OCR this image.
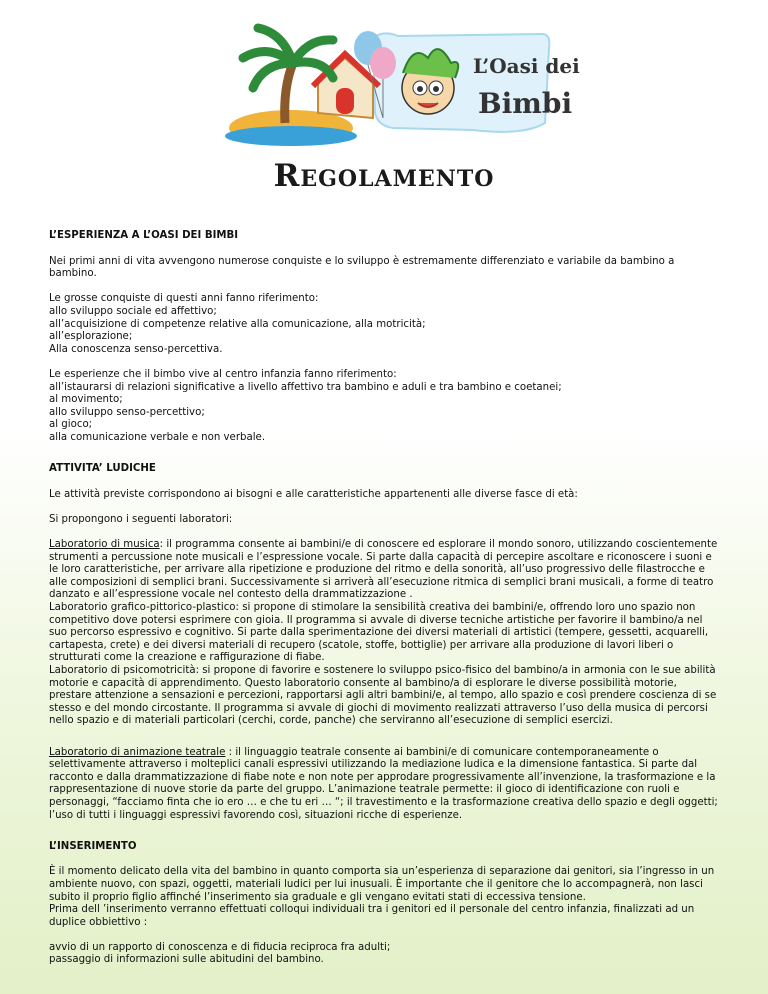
L’Oasi dei
Bimbi
Regolamento
L’ESPERIENZA A L’OASI DEI BIMBI

Nei primi anni di vita avvengono numerose conquiste e lo sviluppo è estremamente differenziato e variabile da bambino a bambino.

Le grosse conquiste di questi anni fanno riferimento:
allo sviluppo sociale ed affettivo;
all’acquisizione di competenze relative alla comunicazione, alla motricità;
all’esplorazione;
Alla conoscenza senso-percettiva.

Le esperienze che il bimbo vive al centro infanzia fanno riferimento:
all’istaurarsi di relazioni significative a livello affettivo tra bambino e aduli e tra bambino e coetanei;
al movimento;
allo sviluppo senso-percettivo;
al gioco;
alla comunicazione verbale e non verbale.

ATTIVITA’ LUDICHE

Le attività previste corrispondono ai bisogni e alle caratteristiche appartenenti alle diverse fasce di età:

Si propongono i seguenti laboratori:

Laboratorio di musica: il programma consente ai bambini/e di conoscere ed esplorare il mondo sonoro, utilizzando coscientemente strumenti a percussione note musicali e l’espressione vocale. Si parte dalla capacità di percepire ascoltare e riconoscere i suoni e le loro caratteristiche, per arrivare alla ripetizione e produzione del ritmo e della sonorità, all’uso progressivo delle filastrocche e alle composizioni di semplici brani. Successivamente si arriverà all’esecuzione ritmica di semplici brani musicali, a forme di teatro danzato e all’espressione vocale nel contesto della drammatizzazione .
Laboratorio grafico-pittorico-plastico: si propone di stimolare la sensibilità creativa dei bambini/e, offrendo loro uno spazio non competitivo dove potersi esprimere con gioia. Il programma si avvale di diverse tecniche artistiche per favorire il bambino/a nel suo percorso espressivo e cognitivo. Si parte dalla sperimentazione dei diversi materiali di artistici (tempere, gessetti, acquarelli, cartapesta, crete) e dei diversi materiali di recupero (scatole, stoffe, bottiglie) per arrivare alla produzione di lavori liberi o strutturati come la creazione e raffigurazione di fiabe.
Laboratorio di psicomotricità: si propone di favorire e sostenere lo sviluppo psico-fisico del bambino/a in armonia con le sue abilità motorie e capacità di apprendimento. Questo laboratorio consente al bambino/a di esplorare le diverse possibilità motorie, prestare attenzione a sensazioni e percezioni, rapportarsi agli altri bambini/e, al tempo, allo spazio e così prendere coscienza di se stesso e del mondo circostante. Il programma si avvale di giochi di movimento realizzati attraverso l’uso della musica di percorsi nello spazio e di materiali particolari (cerchi, corde, panche) che serviranno all’esecuzione di semplici esercizi.

Laboratorio di animazione teatrale : il linguaggio teatrale consente ai bambini/e di comunicare contemporaneamente o selettivamente attraverso i molteplici canali espressivi utilizzando la mediazione ludica e la dimensione fantastica. Si parte dal racconto e dalla drammatizzazione di fiabe note e non note per approdare progressivamente all’invenzione, la trasformazione e la rappresentazione di nuove storie da parte del gruppo. L’animazione teatrale permette: il gioco di identificazione con ruoli e personaggi, “facciamo finta che io ero … e che tu eri … “; il travestimento e la trasformazione creativa dello spazio e degli oggetti; l’uso di tutti i linguaggi espressivi favorendo così, situazioni ricche di esperienze.

L’INSERIMENTO

È il momento delicato della vita del bambino in quanto comporta sia un’esperienza di separazione dai genitori, sia l’ingresso in un ambiente nuovo, con spazi, oggetti, materiali ludici per lui inusuali. È importante che il genitore che lo accompagnerà, non lasci subito il proprio figlio affinché l’inserimento sia graduale e gli vengano evitati stati di eccessiva tensione.
Prima dell ’inserimento verranno effettuati colloqui individuali tra i genitori ed il personale del centro infanzia, finalizzati ad un duplice obbiettivo :

avvio di un rapporto di conoscenza e di fiducia reciproca fra adulti;
passaggio di informazioni sulle abitudini del bambino.
